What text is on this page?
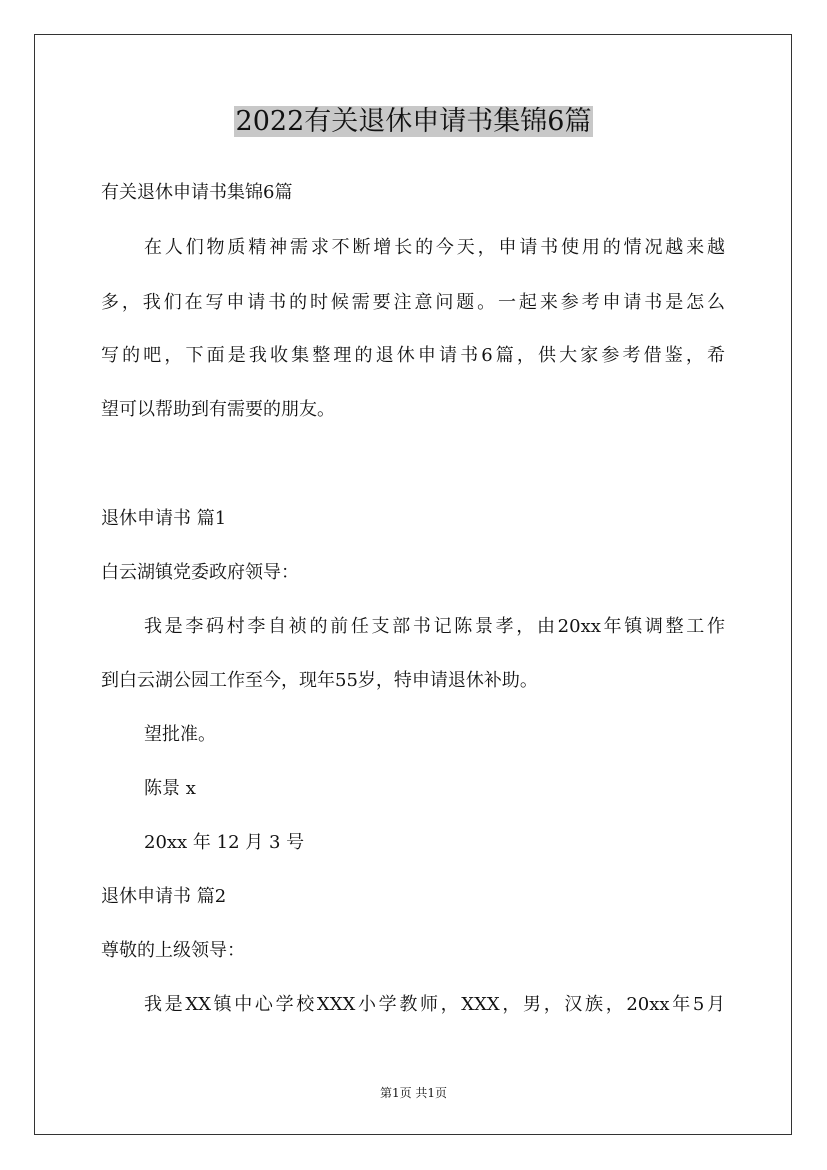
2022有关退休申请书集锦6篇
有关退休申请书集锦6篇
在人们物质精神需求不断增长的今天，申请书使用的情况越来越
多，我们在写申请书的时候需要注意问题。一起来参考申请书是怎么
写的吧，下面是我收集整理的退休申请书6篇，供大家参考借鉴，希
望可以帮助到有需要的朋友。
退休申请书 篇1
白云湖镇党委政府领导：
我是李码村李自祯的前任支部书记陈景孝，由20xx年镇调整工作
到白云湖公园工作至今，现年55岁，特申请退休补助。
望批准。
陈景 x
20xx 年 12 月 3 号
退休申请书 篇2
尊敬的上级领导：
我是XX镇中心学校XXX小学教师，XXX，男，汉族，20xx年5月
第1页 共1页
